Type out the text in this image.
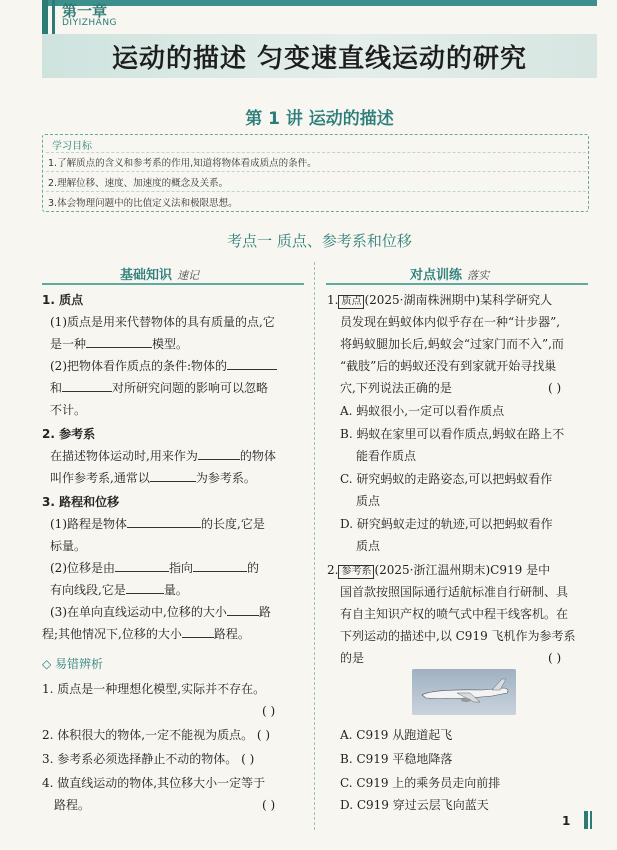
第一章
DIYIZHANG
运动的描述 匀变速直线运动的研究
第 1 讲 运动的描述
学习目标
1.了解质点的含义和参考系的作用,知道将物体看成质点的条件。
2.理解位移、速度、加速度的概念及关系。
3.体会物理问题中的比值定义法和极限思想。
考点一 质点、参考系和位移
基础知识 速记
1. 质点
(1)质点是用来代替物体的具有质量的点,它
是一种	模型。
(2)把物体看作质点的条件:物体的
和	对所研究问题的影响可以忽略
不计。
2. 参考系
在描述物体运动时,用来作为	的物体
叫作参考系,通常以	为参考系。
3. 路程和位移
(1)路程是物体	的长度,它是
标量。
(2)位移是由	指向	的
有向线段,它是	量。
(3)在单向直线运动中,位移的大小	路
程;其他情况下,位移的大小	路程。
◇ 易错辨析
1. 质点是一种理想化模型,实际并不存在。
( )
2. 体积很大的物体,一定不能视为质点。 ( )
3. 参考系必须选择静止不动的物体。 ( )
4. 做直线运动的物体,其位移大小一定等于
路程。	( )
对点训练 落实
1. 质点 (2025·湖南株洲期中)某科学研究人
员发现在蚂蚁体内似乎存在一种“计步器”,
将蚂蚁腿加长后,蚂蚁会“过家门而不入”,而
“截肢”后的蚂蚁还没有到家就开始寻找巢
穴,下列说法正确的是	( )
A. 蚂蚁很小,一定可以看作质点
B. 蚂蚁在家里可以看作质点,蚂蚁在路上不
能看作质点
C. 研究蚂蚁的走路姿态,可以把蚂蚁看作
质点
D. 研究蚂蚁走过的轨迹,可以把蚂蚁看作
质点
2. 参考系 (2025·浙江温州期末)C919 是中
国首款按照国际通行适航标准自行研制、具
有自主知识产权的喷气式中程干线客机。在
下列运动的描述中,以 C919 飞机作为参考系
的是	( )
A. C919 从跑道起飞
B. C919 平稳地降落
C. C919 上的乘务员走向前排
D. C919 穿过云层飞向蓝天
1
